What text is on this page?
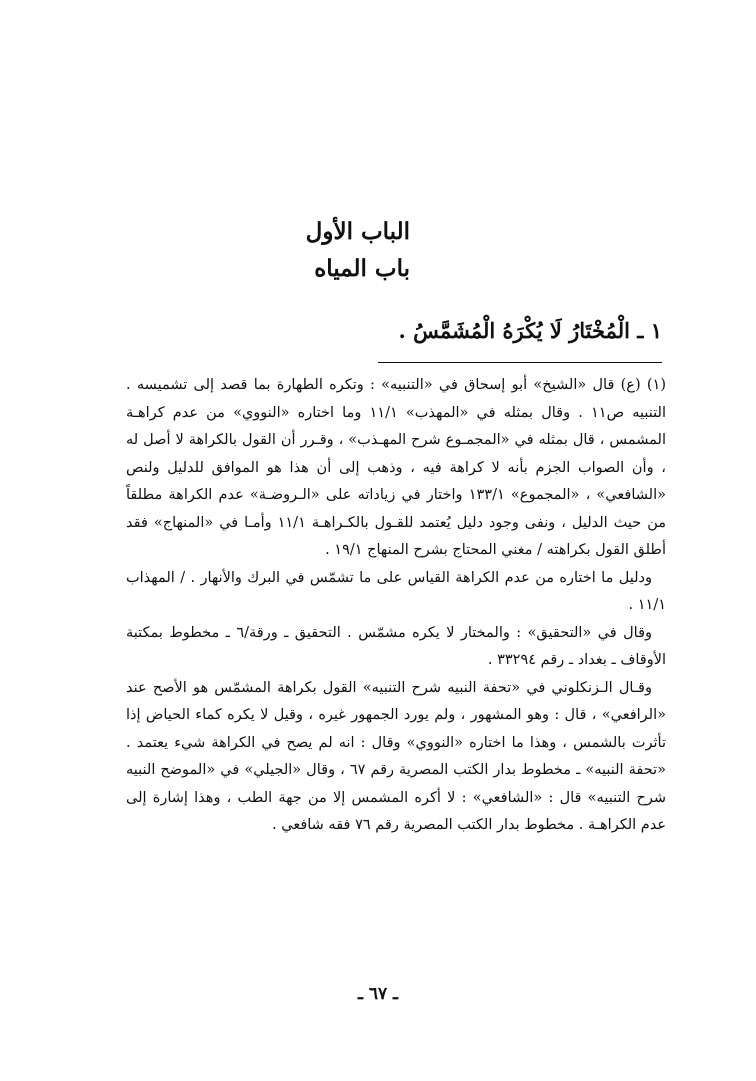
الباب الأول
باب المياه
١ ـ الْمُخْتَارُ لَا يُكْرَهُ الْمُشَمَّسُ .

(١) (ع) قال «الشيخ» أبو إسحاق في «التنبيه» : وتكره الطهارة بما قصد إلى تشميسه . التنبيه ص١١ . وقال بمثله في «المهذب» ١١/١ وما اختاره «النووي» من عدم كراهـة المشمس ، قال بمثله في «المجمـوع شرح المهـذب» ، وقـرر أن القول بالكراهة لا أصل له ، وأن الصواب الجزم بأنه لا كراهة فيه ، وذهب إلى أن هذا هو الموافق للدليل ولنص «الشافعي» ، «المجموع» ١٣٣/١ واختار في زياداته على «الـروضـة» عدم الكراهة مطلقاً من حيث الدليل ، ونفى وجود دليل يُعتمد للقـول بالكـراهـة ١١/١ وأمـا في «المنهاج» فقد أطلق القول بكراهته / مغني المحتاج بشرح المنهاج ١٩/١ .

ودليل ما اختاره من عدم الكراهة القياس على ما تشمّس في البرك والأنهار . / المهذاب ١١/١ .

وقال في «التحقيق» : والمختار لا يكره مشمّس . التحقيق ـ ورقة/٦ ـ مخطوط بمكتبة الأوقاف ـ بغداد ـ رقم ٣٣٢٩٤ .

وقـال الـزنكلوني في «تحفة النبيه شرح التنبيه» القول بكراهة المشمّس هو الأصح عند «الرافعي» ، قال : وهو المشهور ، ولم يورد الجمهور غيره ، وقيل لا يكره كماء الحياض إذا تأثرت بالشمس ، وهذا ما اختاره «النووي» وقال : انه لم يصح في الكراهة شيء يعتمد . «تحفة النبيه» ـ مخطوط بدار الكتب المصرية رقم ٦٧ ، وقال «الجيلي» في «الموضح النبيه شرح التنبيه» قال : «الشافعي» : لا أكره المشمس إلا من جهة الطب ، وهذا إشارة إلى عدم الكراهـة . مخطوط بدار الكتب المصرية رقم ٧٦ فقه شافعي .

ـ ٦٧ ـ
